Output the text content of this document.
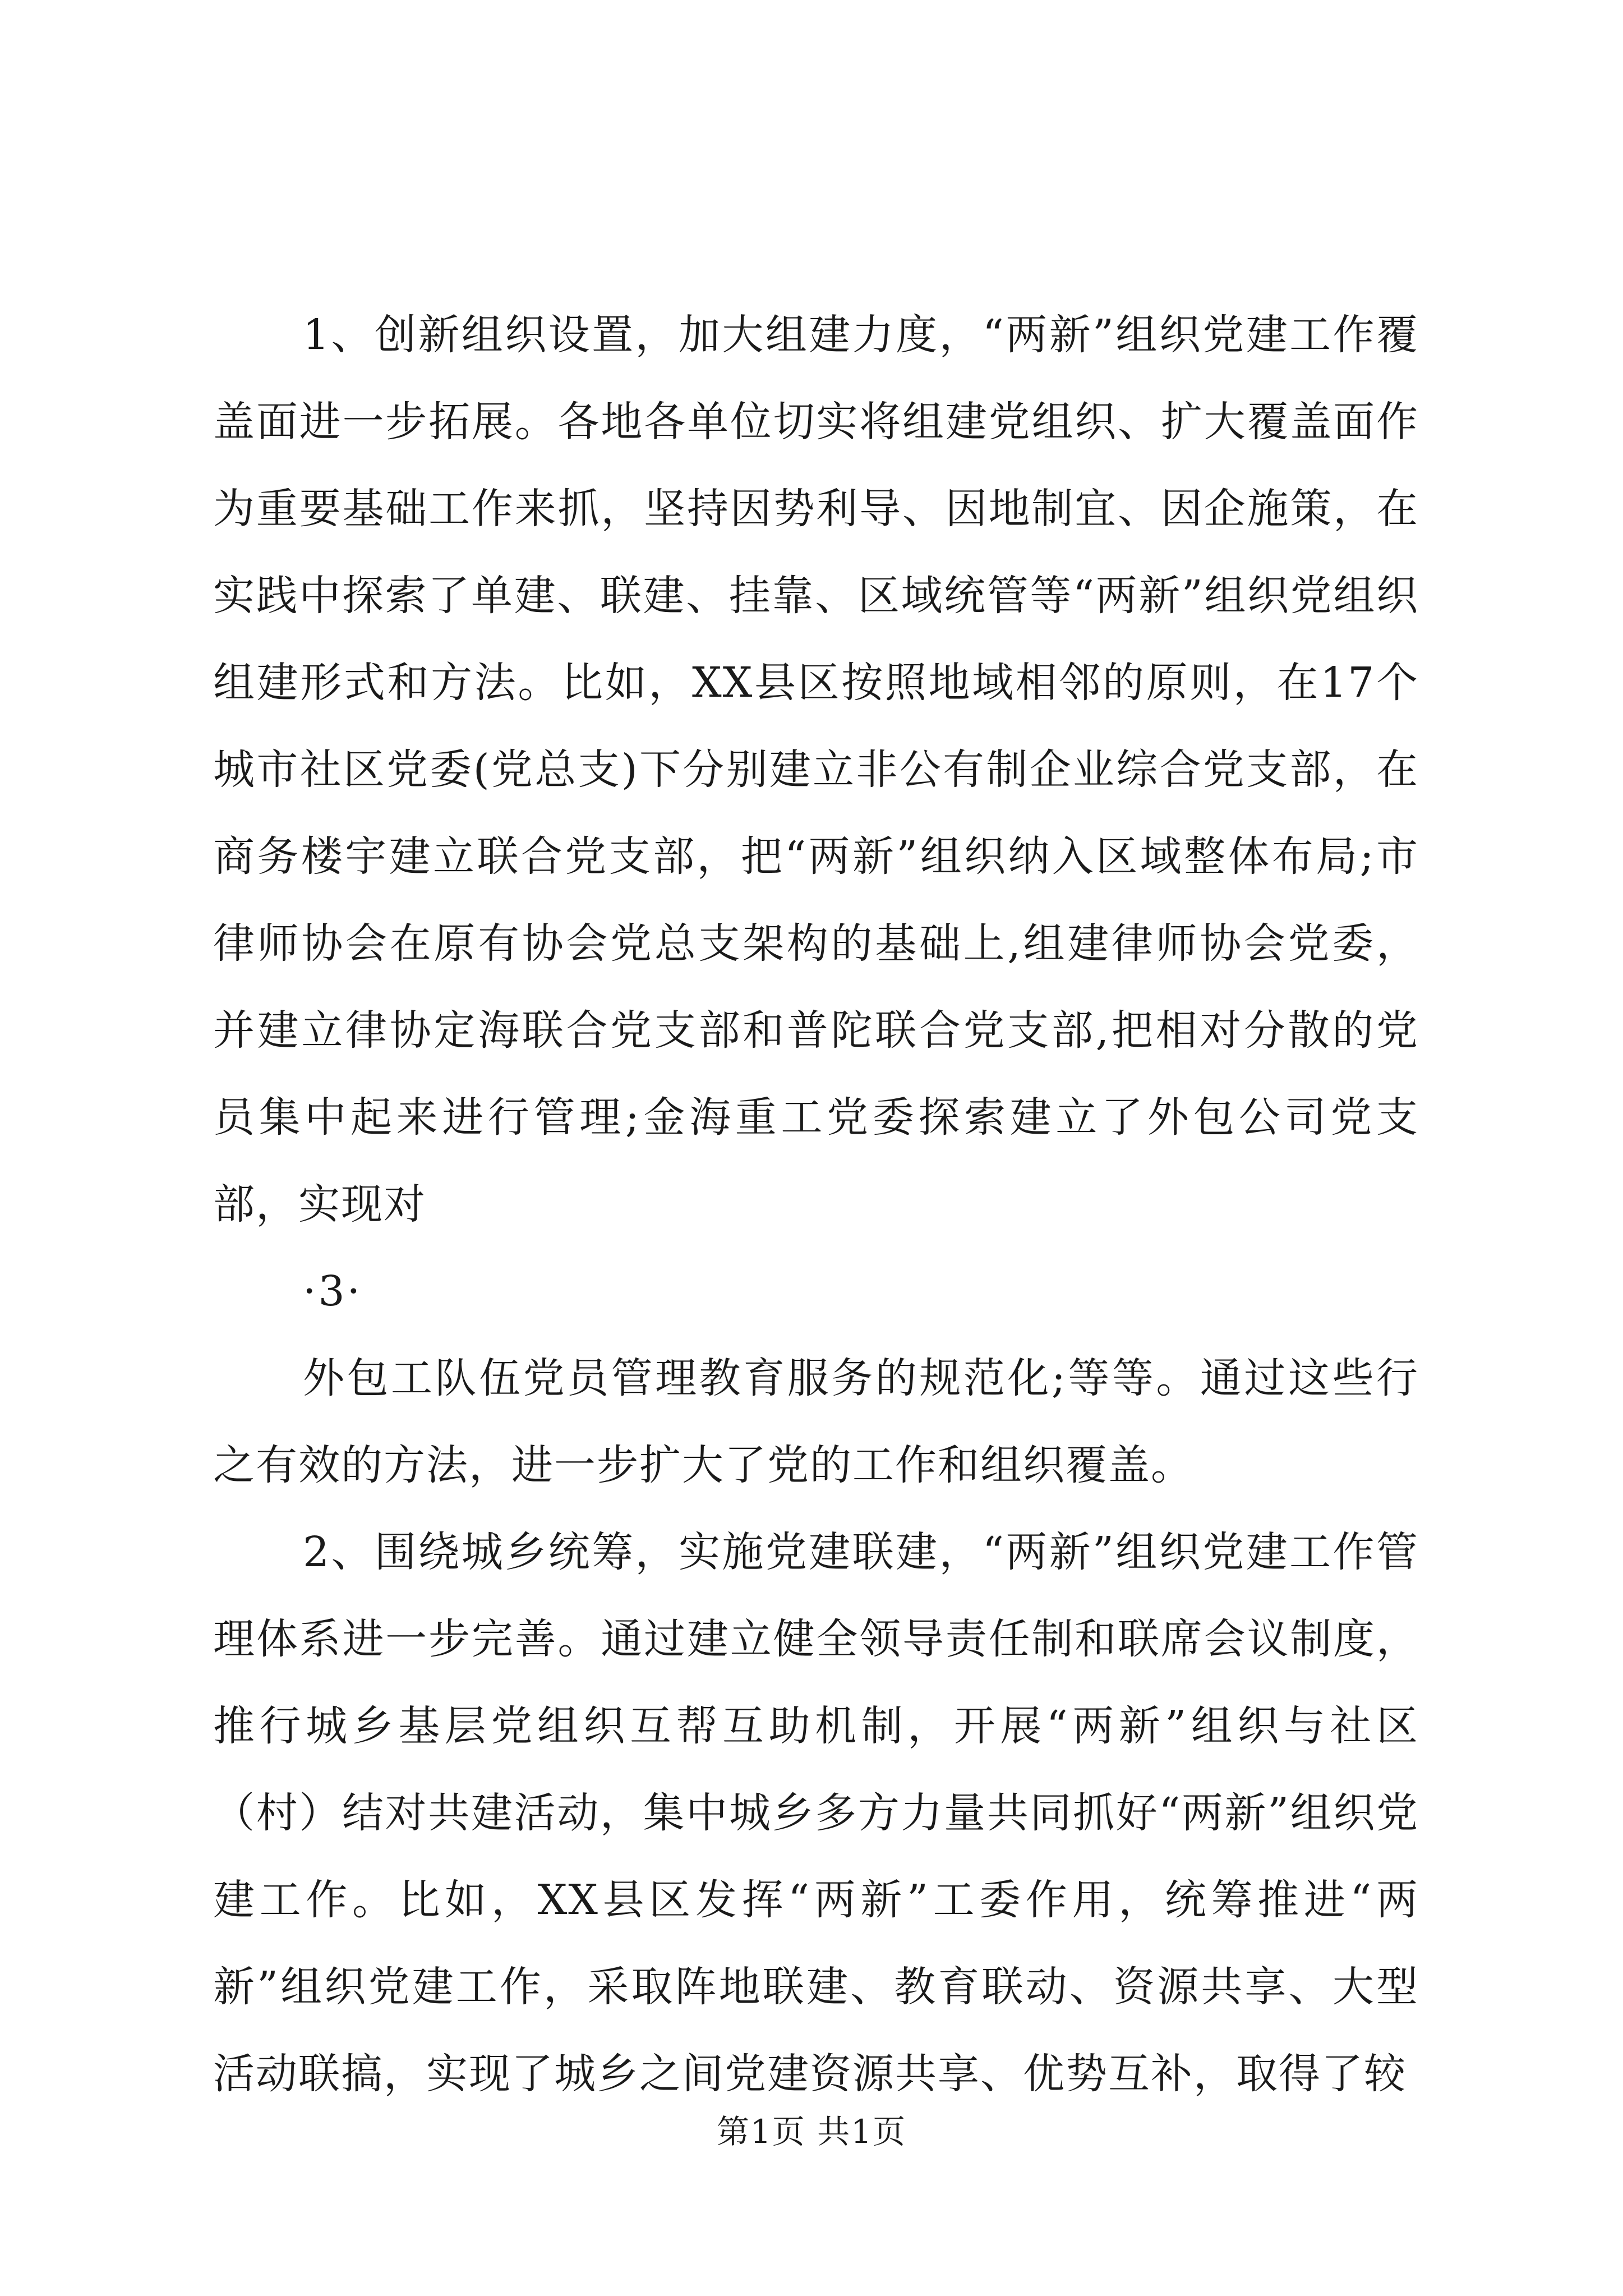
1、创新组织设置，加大组建力度，“两新”组织党建工作覆盖面进一步拓展。各地各单位切实将组建党组织、扩大覆盖面作为重要基础工作来抓，坚持因势利导、因地制宜、因企施策，在实践中探索了单建、联建、挂靠、区域统管等“两新”组织党组织组建形式和方法。比如，XX县区按照地域相邻的原则，在17个城市社区党委(党总支)下分别建立非公有制企业综合党支部，在商务楼宇建立联合党支部，把“两新”组织纳入区域整体布局;市律师协会在原有协会党总支架构的基础上,组建律师协会党委，并建立律协定海联合党支部和普陀联合党支部,把相对分散的党员集中起来进行管理;金海重工党委探索建立了外包公司党支部，实现对

·3·

外包工队伍党员管理教育服务的规范化;等等。通过这些行之有效的方法，进一步扩大了党的工作和组织覆盖。

2、围绕城乡统筹，实施党建联建，“两新”组织党建工作管理体系进一步完善。通过建立健全领导责任制和联席会议制度，推行城乡基层党组织互帮互助机制，开展“两新”组织与社区（村）结对共建活动，集中城乡多方力量共同抓好“两新”组织党建工作。比如，XX县区发挥“两新”工委作用，统筹推进“两新”组织党建工作，采取阵地联建、教育联动、资源共享、大型活动联搞，实现了城乡之间党建资源共享、优势互补，取得了较

第1页 共1页
